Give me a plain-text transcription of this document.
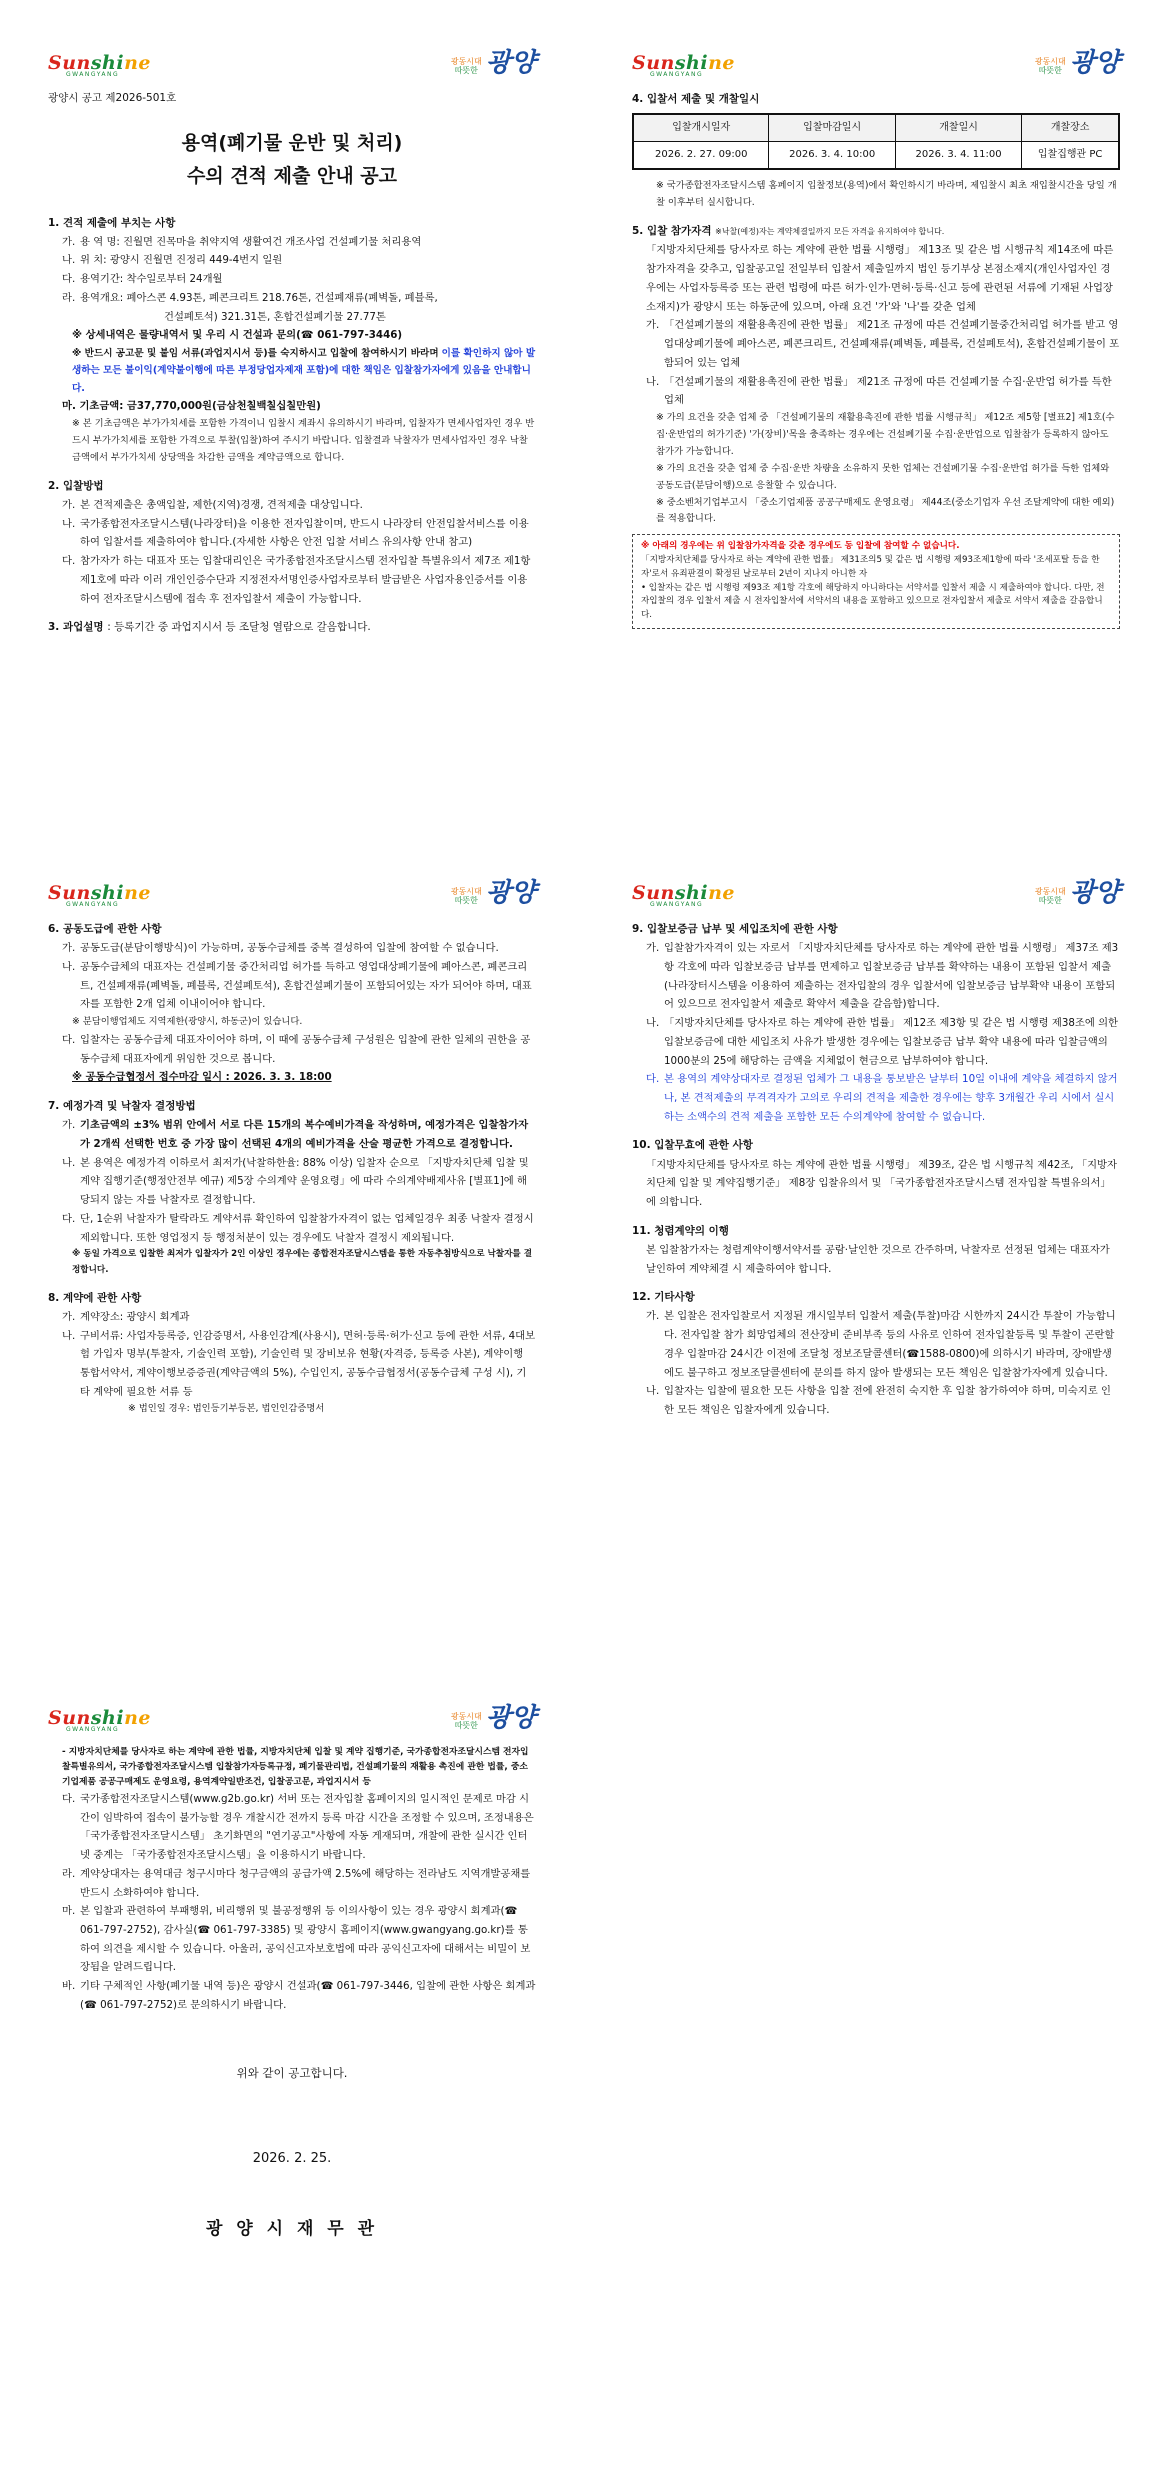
Sunshine
GWANGYANG
광동시대
따뜻한 광양
광양시 공고 제2026-501호
용역(폐기물 운반 및 처리)
수의 견적 제출 안내 공고
1. 견적 제출에 부치는 사항
가. 용 역 명: 진월면 진목마을 취약지역 생활여건 개조사업 건설폐기물 처리용역
나. 위 치: 광양시 진월면 진정리 449-4번지 일원
다. 용역기간: 착수일로부터 24개월
라. 용역개요: 폐아스콘 4.93톤, 폐콘크리트 218.76톤, 건설폐재류(폐벽돌, 폐블록,
건설폐토석) 321.31톤, 혼합건설폐기물 27.77톤
※ 상세내역은 물량내역서 및 우리 시 건설과 문의(☎ 061-797-3446)
※ 반드시 공고문 및 붙임 서류(과업지시서 등)를 숙지하시고 입찰에 참여하시기 바라며 이를 확인하지 않아 발생하는 모든 불이익(계약불이행에 따른 부정당업자제재 포함)에 대한 책임은 입찰참가자에게 있음을 안내합니다.
마. 기초금액: 금37,770,000원(금삼천칠백칠십칠만원)
※ 본 기초금액은 부가가치세를 포함한 가격이니 입찰시 계좌시 유의하시기 바라며, 입찰자가 면세사업자인 경우 반드시 부가가치세를 포함한 가격으로 투찰(입찰)하여 주시기 바랍니다. 입찰결과 낙찰자가 면세사업자인 경우 낙찰금액에서 부가가치세 상당액을 차감한 금액을 계약금액으로 합니다.
2. 입찰방법
가. 본 견적제출은 총액입찰, 제한(지역)경쟁, 견적제출 대상입니다.
나. 국가종합전자조달시스템(나라장터)을 이용한 전자입찰이며, 반드시 나라장터 안전입찰서비스를 이용하여 입찰서를 제출하여야 합니다.(자세한 사항은 안전 입찰 서비스 유의사항 안내 참고)
다. 참가자가 하는 대표자 또는 입찰대리인은 국가종합전자조달시스템 전자입찰 특별유의서 제7조 제1항 제1호에 따라 이러 개인인증수단과 지정전자서명인증사업자로부터 발급받은 사업자용인증서를 이용하여 전자조달시스템에 접속 후 전자입찰서 제출이 가능합니다.
3. 과업설명 : 등록기간 중 과업지시서 등 조달청 열람으로 갈음합니다.
Sunshine
GWANGYANG
광동시대
따뜻한 광양
4. 입찰서 제출 및 개찰일시
입찰개시일자	입찰마감일시	개찰일시	개찰장소
2026. 2. 27. 09:00	2026. 3. 4. 10:00	2026. 3. 4. 11:00	입찰집행관 PC
※ 국가종합전자조달시스템 홈페이지 입찰정보(용역)에서 확인하시기 바라며, 제입찰시 최초 재입찰시간을 당일 개찰 이후부터 실시합니다.
5. 입찰 참가자격 ※낙찰(예정)자는 계약체결일까지 모든 자격을 유지하여야 합니다.
「지방자치단체를 당사자로 하는 계약에 관한 법률 시행령」 제13조 및 같은 법 시행규칙 제14조에 따른 참가자격을 갖추고, 입찰공고일 전일부터 입찰서 제출일까지 법인 등기부상 본점소재지(개인사업자인 경우에는 사업자등록증 또는 관련 법령에 따른 허가·인가·면허·등록·신고 등에 관련된 서류에 기재된 사업장소재지)가 광양시 또는 하동군에 있으며, 아래 요건 '가'와 '나'를 갖춘 업체
가. 「건설폐기물의 재활용촉진에 관한 법률」 제21조 규정에 따른 건설폐기물중간처리업 허가를 받고 영업대상폐기물에 폐아스콘, 폐콘크리트, 건설폐재류(폐벽돌, 폐블록, 건설폐토석), 혼합건설폐기물이 포함되어 있는 업체
나. 「건설폐기물의 재활용촉진에 관한 법률」 제21조 규정에 따른 건설폐기물 수집·운반업 허가를 득한 업체
※ 가의 요건을 갖춘 업체 중 「건설폐기물의 재활용촉진에 관한 법률 시행규칙」 제12조 제5항 [별표2] 제1호(수집·운반업의 허가기준) '가(장비)'목을 충족하는 경우에는 건설폐기물 수집·운반업으로 입찰참가 등록하지 않아도 참가가 가능합니다.
※ 가의 요건을 갖춘 업체 중 수집·운반 차량을 소유하지 못한 업체는 건설폐기물 수집·운반업 허가를 득한 업체와 공동도급(분담이행)으로 응찰할 수 있습니다.
※ 중소벤처기업부고시 「중소기업제품 공공구매제도 운영요령」 제44조(중소기업자 우선 조달계약에 대한 예외)를 적용합니다.
※ 아래의 경우에는 위 입찰참가자격을 갖춘 경우에도 동 입찰에 참여할 수 없습니다.
「지방자치단체를 당사자로 하는 계약에 관한 법률」 제31조의5 및 같은 법 시행령 제93조제1항에 따라 '조세포탈 등을 한 자'로서 유죄판결이 확정된 날로부터 2년이 지나지 아니한 자
• 입찰자는 같은 법 시행령 제93조 제1항 각호에 해당하지 아니하다는 서약서를 입찰서 제출 시 제출하여야 합니다. 다만, 전자입찰의 경우 입찰서 제출 시 전자입찰서에 서약서의 내용을 포함하고 있으므로 전자입찰서 제출로 서약서 제출을 갈음합니다.
Sunshine
GWANGYANG
광동시대
따뜻한 광양
6. 공동도급에 관한 사항
가. 공동도급(분담이행방식)이 가능하며, 공동수급체를 중복 결성하여 입찰에 참여할 수 없습니다.
나. 공동수급체의 대표자는 건설폐기물 중간처리업 허가를 득하고 영업대상폐기물에 폐아스콘, 폐콘크리트, 건설폐재류(폐벽돌, 폐블록, 건설폐토석), 혼합건설폐기물이 포함되어있는 자가 되어야 하며, 대표자를 포함한 2개 업체 이내이어야 합니다.
※ 분담이행업체도 지역제한(광양시, 하동군)이 있습니다.
다. 입찰자는 공동수급체 대표자이어야 하며, 이 때에 공동수급체 구성원은 입찰에 관한 일체의 권한을 공동수급체 대표자에게 위임한 것으로 봅니다.
※ 공동수급협정서 접수마감 일시 : 2026. 3. 3. 18:00
7. 예정가격 및 낙찰자 결정방법
가. 기초금액의 ±3% 범위 안에서 서로 다른 15개의 복수예비가격을 작성하며, 예정가격은 입찰참가자가 2개씩 선택한 번호 중 가장 많이 선택된 4개의 예비가격을 산술 평균한 가격으로 결정합니다.
나. 본 용역은 예정가격 이하로서 최저가(낙찰하한율: 88% 이상) 입찰자 순으로 「지방자치단체 입찰 및 계약 집행기준(행정안전부 예규) 제5장 수의계약 운영요령」에 따라 수의계약배제사유 [별표1]에 해당되지 않는 자를 낙찰자로 결정합니다.
다. 단, 1순위 낙찰자가 탈락라도 계약서류 확인하여 입찰참가자격이 없는 업체일경우 최종 낙찰자 결정시 제외합니다. 또한 영업정지 등 행정처분이 있는 경우에도 낙찰자 결정시 제외됩니다.
※ 동일 가격으로 입찰한 최저가 입찰자가 2인 이상인 경우에는 종합전자조달시스템을 통한 자동추첨방식으로 낙찰자를 결정합니다.
8. 계약에 관한 사항
가. 계약장소: 광양시 회계과
나. 구비서류: 사업자등록증, 인감증명서, 사용인감계(사용시), 면허·등록·허가·신고 등에 관한 서류, 4대보험 가입자 명부(투찰자, 기술인력 포함), 기술인력 및 장비보유 현황(자격증, 등록증 사본), 계약이행 통합서약서, 계약이행보증증권(계약금액의 5%), 수입인지, 공동수급협정서(공동수급체 구성 시), 기타 계약에 필요한 서류 등
※ 법인일 경우: 법인등기부등본, 법인인감증명서
Sunshine
GWANGYANG
광동시대
따뜻한 광양
9. 입찰보증금 납부 및 세입조치에 관한 사항
가. 입찰참가자격이 있는 자로서 「지방자치단체를 당사자로 하는 계약에 관한 법률 시행령」 제37조 제3항 각호에 따라 입찰보증금 납부를 면제하고 입찰보증금 납부를 확약하는 내용이 포함된 입찰서 제출(나라장터시스템을 이용하여 제출하는 전자입찰의 경우 입찰서에 입찰보증금 납부확약 내용이 포함되어 있으므로 전자입찰서 제출로 확약서 제출을 갈음함)합니다.
나. 「지방자치단체를 당사자로 하는 계약에 관한 법률」 제12조 제3항 및 같은 법 시행령 제38조에 의한 입찰보증금에 대한 세입조치 사유가 발생한 경우에는 입찰보증금 납부 확약 내용에 따라 입찰금액의 1000분의 25에 해당하는 금액을 지체없이 현금으로 납부하여야 합니다.
다. 본 용역의 계약상대자로 결정된 업체가 그 내용을 통보받은 날부터 10일 이내에 계약을 체결하지 않거나, 본 견적제출의 무격격자가 고의로 우리의 견적을 제출한 경우에는 향후 3개월간 우리 시에서 실시하는 소액수의 견적 제출을 포함한 모든 수의계약에 참여할 수 없습니다.
10. 입찰무효에 관한 사항
「지방자치단체를 당사자로 하는 계약에 관한 법률 시행령」 제39조, 같은 법 시행규칙 제42조, 「지방자치단체 입찰 및 계약집행기준」 제8장 입찰유의서 및 「국가종합전자조달시스템 전자입찰 특별유의서」에 의합니다.
11. 청렴계약의 이행
본 입찰참가자는 청렴계약이행서약서를 공람·날인한 것으로 간주하며, 낙찰자로 선정된 업체는 대표자가 날인하여 계약체결 시 제출하여야 합니다.
12. 기타사항
가. 본 입찰은 전자입찰로서 지정된 개시일부터 입찰서 제출(투찰)마감 시한까지 24시간 투찰이 가능합니다. 전자입찰 참가 희망업체의 전산장비 준비부족 등의 사유로 인하여 전자입찰등록 및 투찰이 곤란할 경우 입찰마감 24시간 이전에 조달청 정보조달콜센터(☎1588-0800)에 의하시기 바라며, 장애발생에도 불구하고 정보조달콜센터에 문의를 하지 않아 발생되는 모든 책임은 입찰참가자에게 있습니다.
나. 입찰자는 입찰에 필요한 모든 사항을 입찰 전에 완전히 숙지한 후 입찰 참가하여야 하며, 미숙지로 인한 모든 책임은 입찰자에게 있습니다.
Sunshine
GWANGYANG
광동시대
따뜻한 광양
- 지방자치단체를 당사자로 하는 계약에 관한 법률, 지방자치단체 입찰 및 계약 집행기준, 국가종합전자조달시스템 전자입찰특별유의서, 국가종합전자조달시스템 입찰참가자등록규정, 폐기물관리법, 건설폐기물의 재활용 촉진에 관한 법률, 중소기업제품 공공구매제도 운영요령, 용역계약일반조건, 입찰공고문, 과업지시서 등
다. 국가종합전자조달시스템(www.g2b.go.kr) 서버 또는 전자입찰 홈페이지의 일시적인 문제로 마감 시간이 임박하여 접속이 불가능할 경우 개찰시간 전까지 등록 마감 시간을 조정할 수 있으며, 조정내용은 「국가종합전자조달시스템」 초기화면의 "연기공고"사항에 자동 게재되며, 개찰에 관한 실시간 인터넷 중계는 「국가종합전자조달시스템」을 이용하시기 바랍니다.
라. 계약상대자는 용역대금 청구시마다 청구금액의 공급가액 2.5%에 해당하는 전라남도 지역개발공채를 반드시 소화하여야 합니다.
마. 본 입찰과 관련하여 부패행위, 비리행위 및 불공정행위 등 이의사항이 있는 경우 광양시 회계과(☎ 061-797-2752), 감사실(☎ 061-797-3385) 및 광양시 홈페이지(www.gwangyang.go.kr)를 통하여 의견을 제시할 수 있습니다. 아울러, 공익신고자보호법에 따라 공익신고자에 대해서는 비밀이 보장됨을 알려드립니다.
바. 기타 구체적인 사항(폐기물 내역 등)은 광양시 건설과(☎ 061-797-3446, 입찰에 관한 사항은 회계과(☎ 061-797-2752)로 문의하시기 바랍니다.
위와 같이 공고합니다.
2026. 2. 25.
광 양 시 재 무 관
